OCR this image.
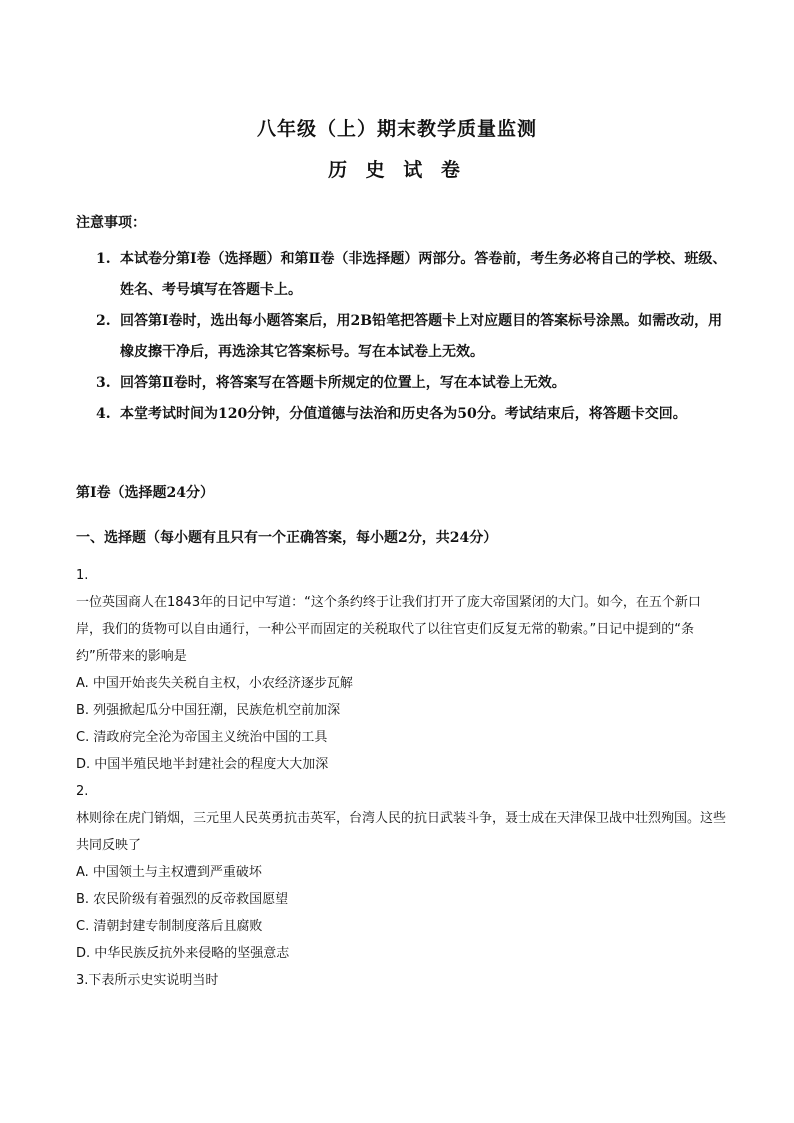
八年级（上）期末教学质量监测
历 史 试 卷
注意事项：
1. 本试卷分第Ⅰ卷（选择题）和第Ⅱ卷（非选择题）两部分。答卷前，考生务必将自己的学校、班级、姓名、考号填写在答题卡上。
2. 回答第Ⅰ卷时，选出每小题答案后，用2B铅笔把答题卡上对应题目的答案标号涂黑。如需改动，用橡皮擦干净后，再选涂其它答案标号。写在本试卷上无效。
3. 回答第Ⅱ卷时，将答案写在答题卡所规定的位置上，写在本试卷上无效。
4. 本堂考试时间为120分钟，分值道德与法治和历史各为50分。考试结束后，将答题卡交回。
第Ⅰ卷（选择题24分）
一、选择题（每小题有且只有一个正确答案，每小题2分，共24分）
1.
一位英国商人在1843年的日记中写道：“这个条约终于让我们打开了庞大帝国紧闭的大门。如今，在五个新口岸，我们的货物可以自由通行，一种公平而固定的关税取代了以往官吏们反复无常的勒索。”日记中提到的“条约”所带来的影响是
A. 中国开始丧失关税自主权，小农经济逐步瓦解
B. 列强掀起瓜分中国狂潮，民族危机空前加深
C. 清政府完全沦为帝国主义统治中国的工具
D. 中国半殖民地半封建社会的程度大大加深
2.
林则徐在虎门销烟，三元里人民英勇抗击英军，台湾人民的抗日武装斗争，聂士成在天津保卫战中壮烈殉国。这些共同反映了
A. 中国领土与主权遭到严重破坏
B. 农民阶级有着强烈的反帝救国愿望
C. 清朝封建专制制度落后且腐败
D. 中华民族反抗外来侵略的坚强意志
3.下表所示史实说明当时
